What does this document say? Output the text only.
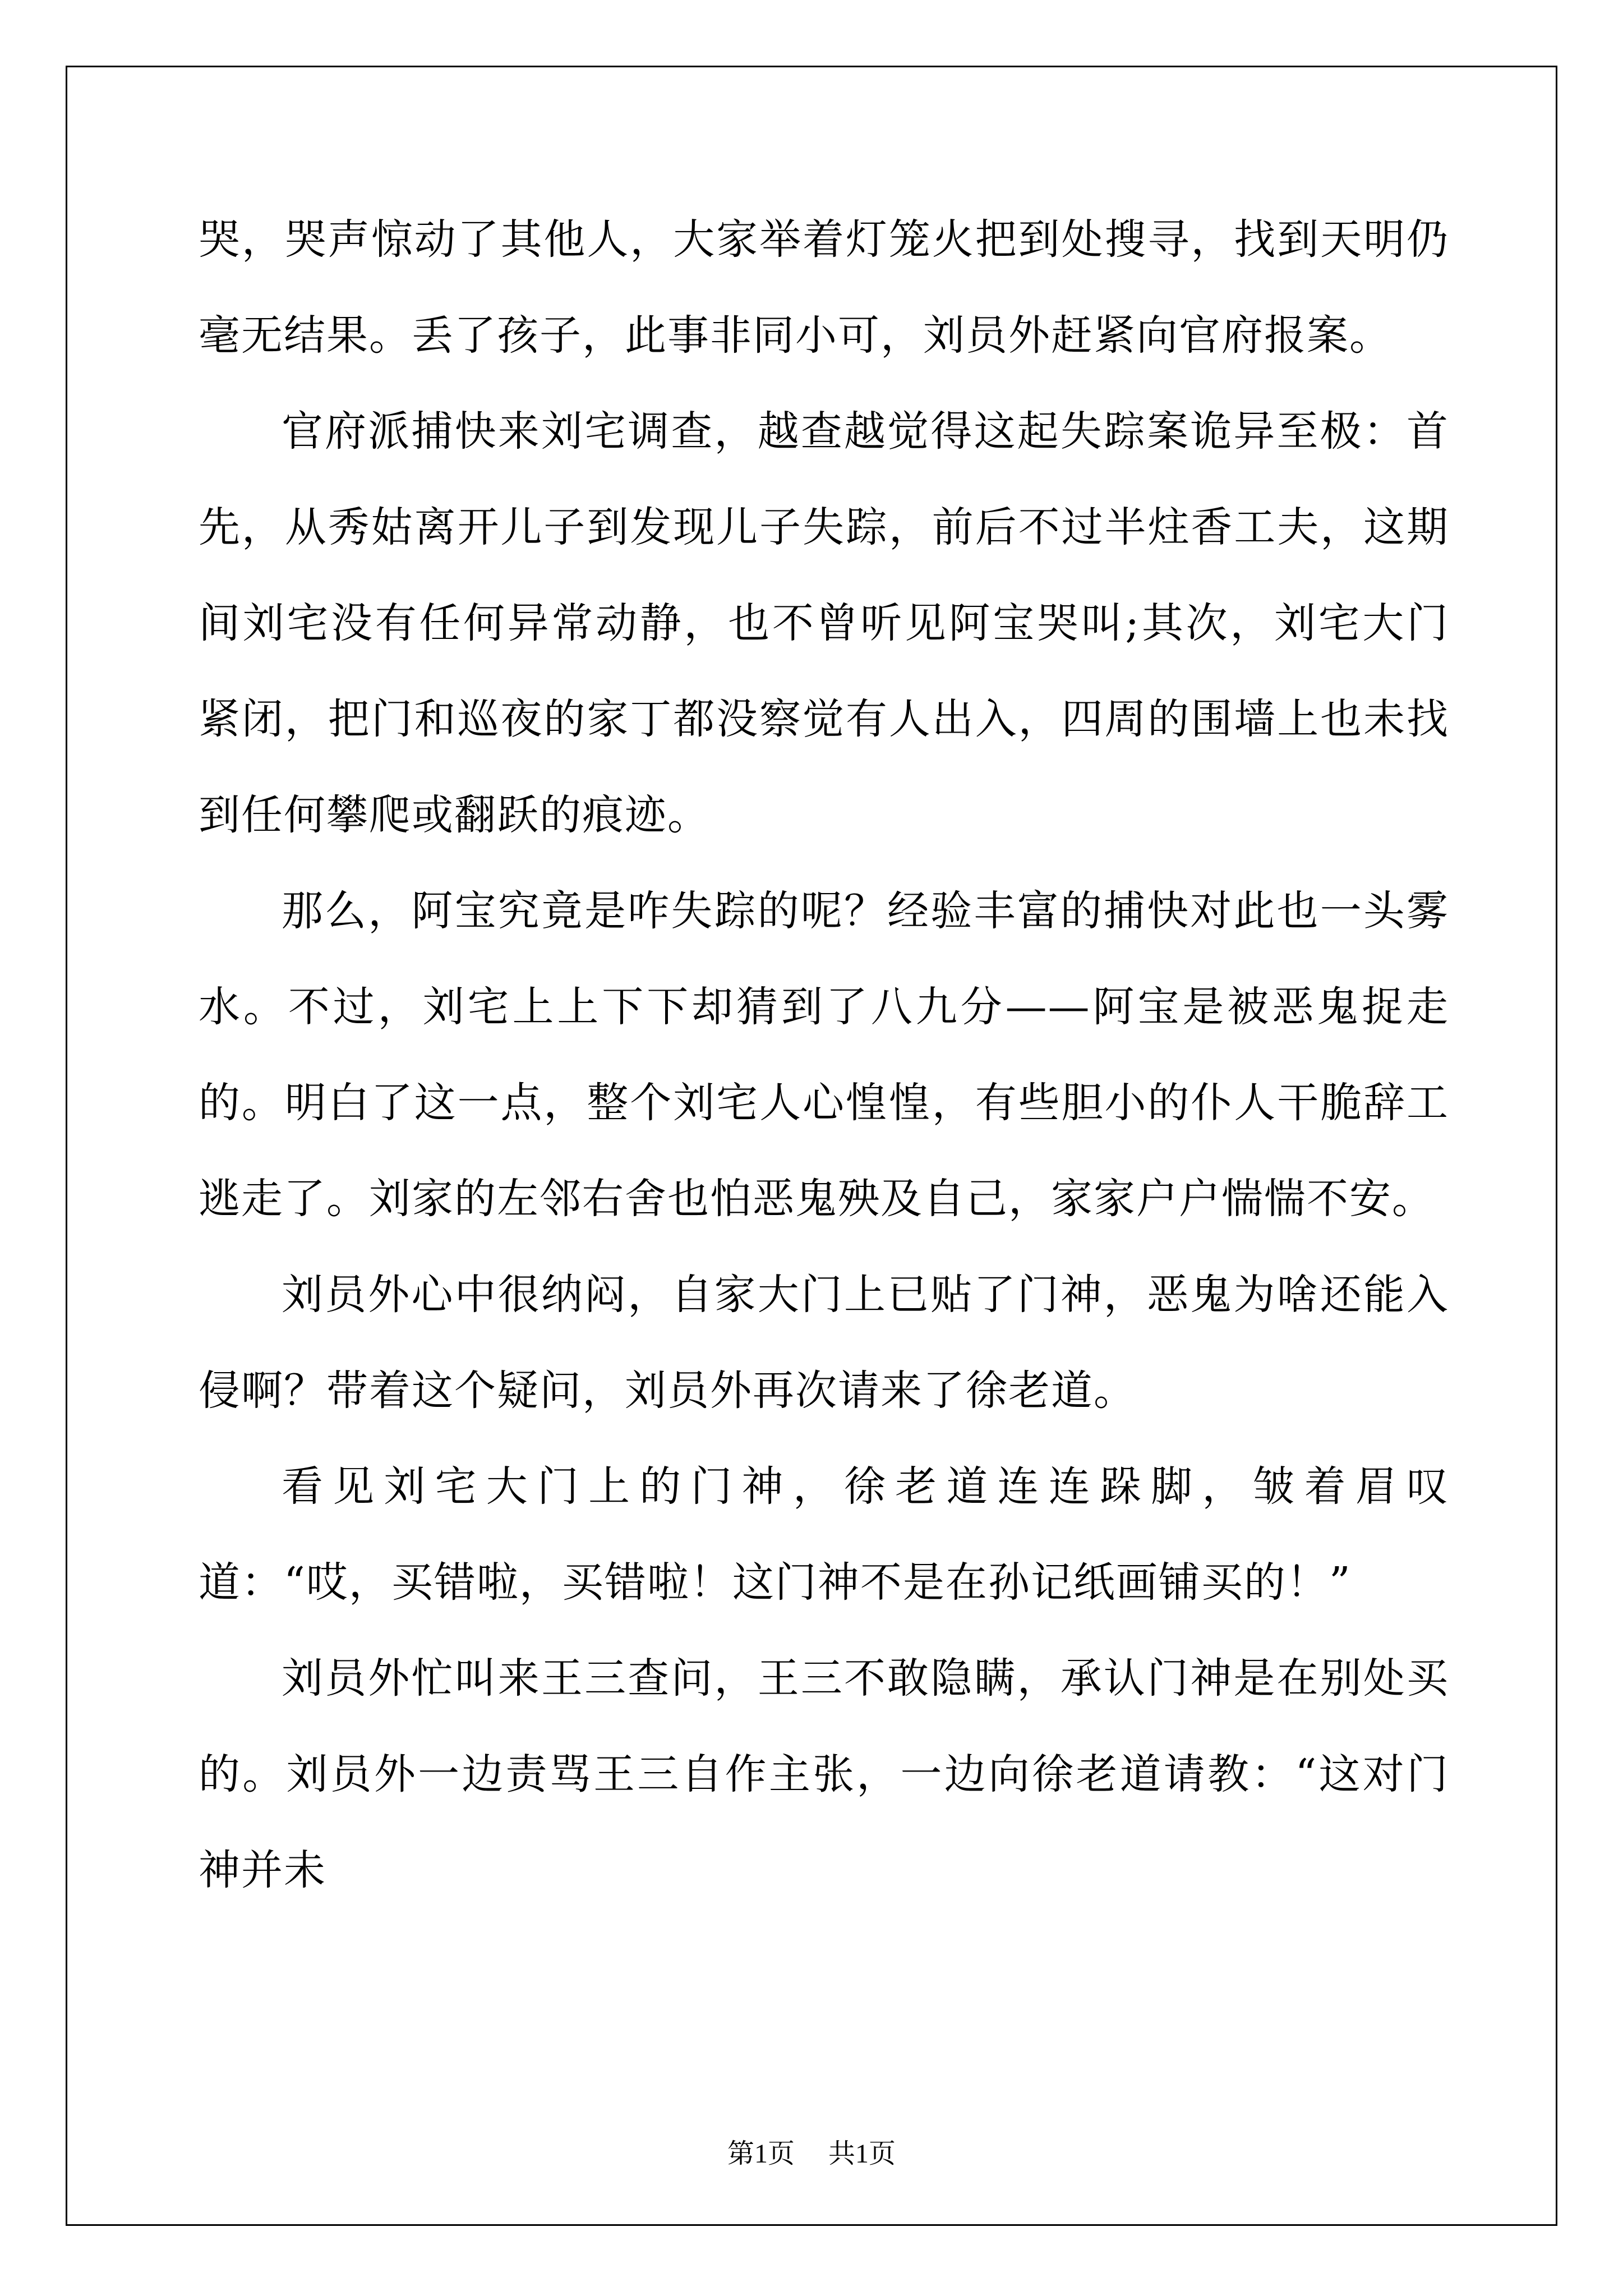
哭，哭声惊动了其他人，大家举着灯笼火把到处搜寻，找到天明仍毫无结果。丢了孩子，此事非同小可，刘员外赶紧向官府报案。

官府派捕快来刘宅调查，越查越觉得这起失踪案诡异至极：首先，从秀姑离开儿子到发现儿子失踪，前后不过半炷香工夫，这期间刘宅没有任何异常动静，也不曾听见阿宝哭叫;其次，刘宅大门紧闭，把门和巡夜的家丁都没察觉有人出入，四周的围墙上也未找到任何攀爬或翻跃的痕迹。

那么，阿宝究竟是咋失踪的呢？经验丰富的捕快对此也一头雾水。不过，刘宅上上下下却猜到了八九分——阿宝是被恶鬼捉走的。明白了这一点，整个刘宅人心惶惶，有些胆小的仆人干脆辞工逃走了。刘家的左邻右舍也怕恶鬼殃及自己，家家户户惴惴不安。

刘员外心中很纳闷，自家大门上已贴了门神，恶鬼为啥还能入侵啊？带着这个疑问，刘员外再次请来了徐老道。

看见刘宅大门上的门神，徐老道连连跺脚，皱着眉叹道：“哎，买错啦，买错啦！这门神不是在孙记纸画铺买的！”

刘员外忙叫来王三查问，王三不敢隐瞒，承认门神是在别处买的。刘员外一边责骂王三自作主张，一边向徐老道请教：“这对门神并未

第1页 共1页
